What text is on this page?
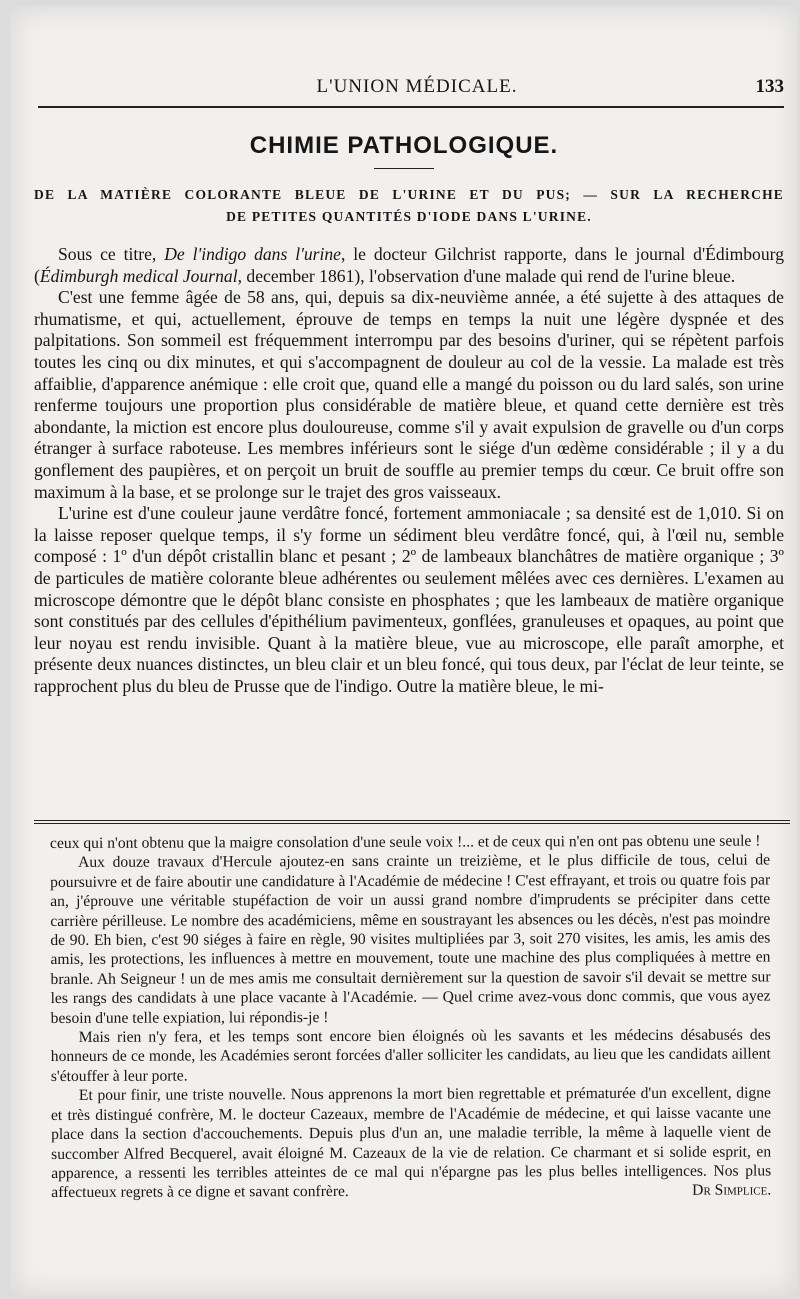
L'UNION MÉDICALE.	133
CHIMIE PATHOLOGIQUE.
DE LA MATIÈRE COLORANTE BLEUE DE L'URINE ET DU PUS; — SUR LA RECHERCHE
DE PETITES QUANTITÉS D'IODE DANS L'URINE.

Sous ce titre, De l'indigo dans l'urine, le docteur Gilchrist rapporte, dans le journal d'Édimbourg (Édimburgh medical Journal, december 1861), l'observation d'une malade qui rend de l'urine bleue.

C'est une femme âgée de 58 ans, qui, depuis sa dix-neuvième année, a été sujette à des attaques de rhumatisme, et qui, actuellement, éprouve de temps en temps la nuit une légère dyspnée et des palpitations. Son sommeil est fréquemment interrompu par des besoins d'uriner, qui se répètent parfois toutes les cinq ou dix minutes, et qui s'accompagnent de douleur au col de la vessie. La malade est très affaiblie, d'apparence anémique : elle croit que, quand elle a mangé du poisson ou du lard salés, son urine renferme toujours une proportion plus considérable de matière bleue, et quand cette dernière est très abondante, la miction est encore plus douloureuse, comme s'il y avait expulsion de gravelle ou d'un corps étranger à surface raboteuse. Les membres inférieurs sont le siége d'un œdème considérable ; il y a du gonflement des paupières, et on perçoit un bruit de souffle au premier temps du cœur. Ce bruit offre son maximum à la base, et se prolonge sur le trajet des gros vaisseaux.

L'urine est d'une couleur jaune verdâtre foncé, fortement ammoniacale ; sa densité est de 1,010. Si on la laisse reposer quelque temps, il s'y forme un sédiment bleu verdâtre foncé, qui, à l'œil nu, semble composé : 1º d'un dépôt cristallin blanc et pesant ; 2º de lambeaux blanchâtres de matière organique ; 3º de particules de matière colorante bleue adhérentes ou seulement mêlées avec ces dernières. L'examen au microscope démontre que le dépôt blanc consiste en phosphates ; que les lambeaux de matière organique sont constitués par des cellules d'épithélium pavimenteux, gonflées, granuleuses et opaques, au point que leur noyau est rendu invisible. Quant à la matière bleue, vue au microscope, elle paraît amorphe, et présente deux nuances distinctes, un bleu clair et un bleu foncé, qui tous deux, par l'éclat de leur teinte, se rapprochent plus du bleu de Prusse que de l'indigo. Outre la matière bleue, le mi-

ceux qui n'ont obtenu que la maigre consolation d'une seule voix !... et de ceux qui n'en ont pas obtenu une seule !

Aux douze travaux d'Hercule ajoutez-en sans crainte un treizième, et le plus difficile de tous, celui de poursuivre et de faire aboutir une candidature à l'Académie de médecine ! C'est effrayant, et trois ou quatre fois par an, j'éprouve une véritable stupéfaction de voir un aussi grand nombre d'imprudents se précipiter dans cette carrière périlleuse. Le nombre des académiciens, même en soustrayant les absences ou les décès, n'est pas moindre de 90. Eh bien, c'est 90 siéges à faire en règle, 90 visites multipliées par 3, soit 270 visites, les amis, les amis des amis, les protections, les influences à mettre en mouvement, toute une machine des plus compliquées à mettre en branle. Ah Seigneur ! un de mes amis me consultait dernièrement sur la question de savoir s'il devait se mettre sur les rangs des candidats à une place vacante à l'Académie. — Quel crime avez-vous donc commis, que vous ayez besoin d'une telle expiation, lui répondis-je !

Mais rien n'y fera, et les temps sont encore bien éloignés où les savants et les médecins désabusés des honneurs de ce monde, les Académies seront forcées d'aller solliciter les candidats, au lieu que les candidats aillent s'étouffer à leur porte.

Et pour finir, une triste nouvelle. Nous apprenons la mort bien regrettable et prématurée d'un excellent, digne et très distingué confrère, M. le docteur Cazeaux, membre de l'Académie de médecine, et qui laisse vacante une place dans la section d'accouchements. Depuis plus d'un an, une maladie terrible, la même à laquelle vient de succomber Alfred Becquerel, avait éloigné M. Cazeaux de la vie de relation. Ce charmant et si solide esprit, en apparence, a ressenti les terribles atteintes de ce mal qui n'épargne pas les plus belles intelligences. Nos plus affectueux regrets à ce digne et savant confrère.	Dr Simplice.
